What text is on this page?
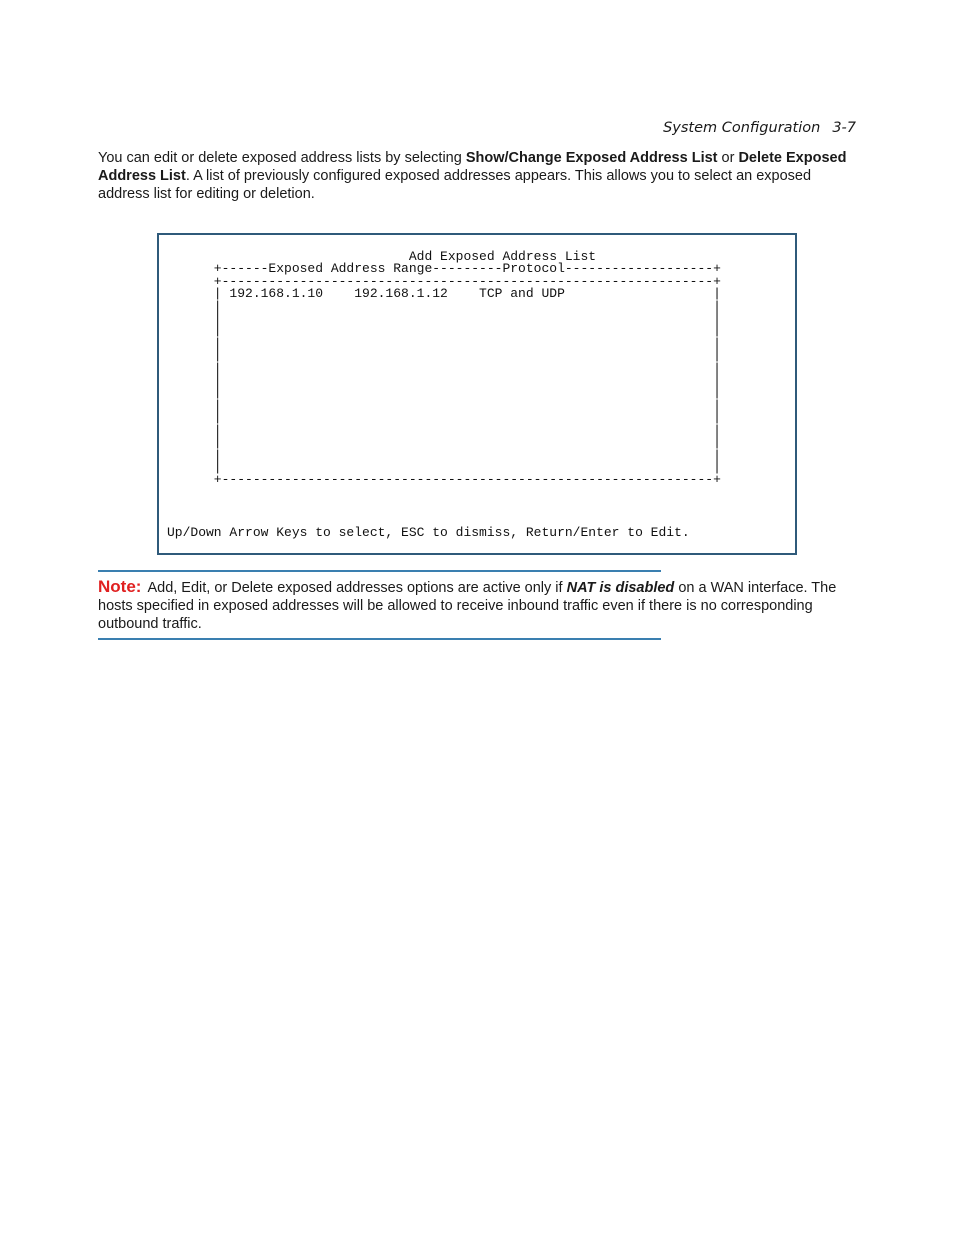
System Configuration 3-7
You can edit or delete exposed address lists by selecting Show/Change Exposed Address List or Delete Exposed Address List. A list of previously configured exposed addresses appears. This allows you to select an exposed address list for editing or deletion.
Add Exposed Address List
+------Exposed Address Range---------Protocol-------------------+
+---------------------------------------------------------------+
| 192.168.1.10    192.168.1.12    TCP and UDP                   |
|                                                               |
|                                                               |
|                                                               |
|                                                               |
|                                                               |
|                                                               |
|                                                               |
|                                                               |
|                                                               |
|                                                               |
|                                                               |
|                                                               |
|                                                               |
|                                                               |
+---------------------------------------------------------------+
Up/Down Arrow Keys to select, ESC to dismiss, Return/Enter to Edit.
Note: Add, Edit, or Delete exposed addresses options are active only if NAT is disabled on a WAN interface. The hosts specified in exposed addresses will be allowed to receive inbound traffic even if there is no corresponding outbound traffic.
